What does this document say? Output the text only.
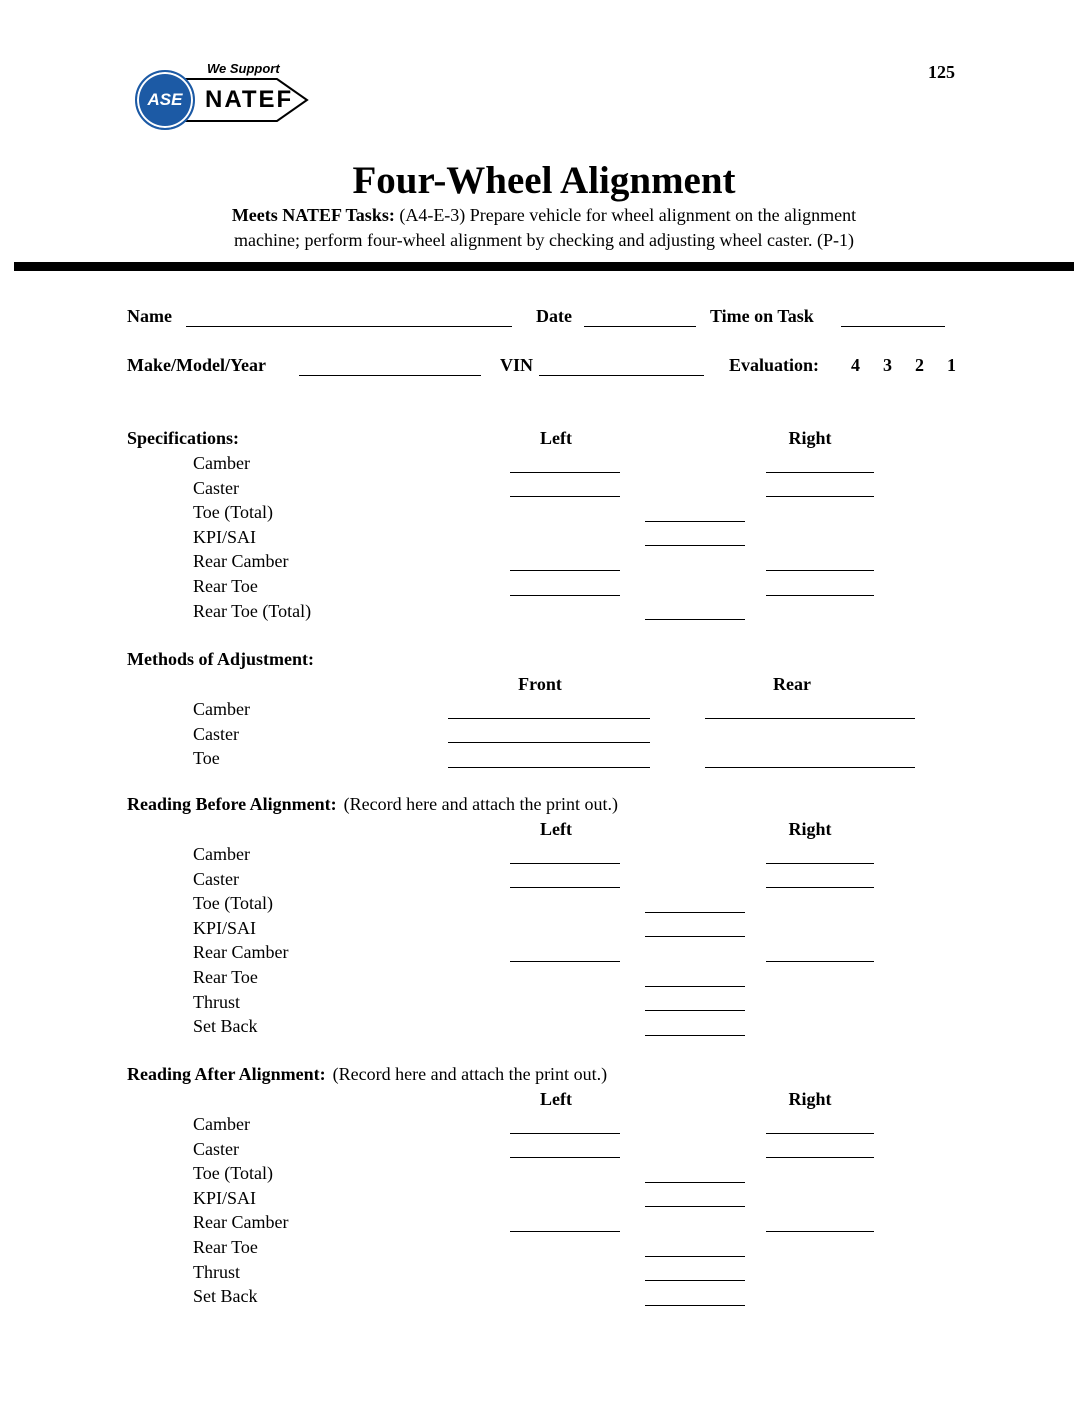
125
We Support
NATEF
ASE
Four-Wheel Alignment
Meets NATEF Tasks: (A4-E-3) Prepare vehicle for wheel alignment on the alignment
machine; perform four-wheel alignment by checking and adjusting wheel caster. (P-1)
Name	Date	Time on Task
Make/Model/Year	VIN	Evaluation: 4 3 2 1
Specifications:	Left	Right
Camber
Caster
Toe (Total)
KPI/SAI
Rear Camber
Rear Toe
Rear Toe (Total)
Methods of Adjustment:
Front	Rear
Camber
Caster
Toe
Reading Before Alignment: (Record here and attach the print out.)
Left	Right
Camber
Caster
Toe (Total)
KPI/SAI
Rear Camber
Rear Toe
Thrust
Set Back
Reading After Alignment: (Record here and attach the print out.)
Left	Right
Camber
Caster
Toe (Total)
KPI/SAI
Rear Camber
Rear Toe
Thrust
Set Back
